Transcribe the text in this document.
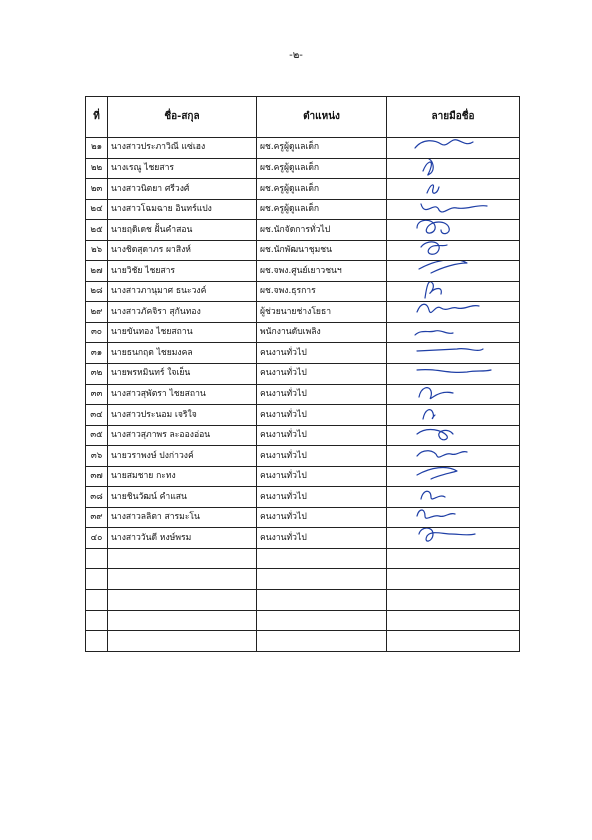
-๒-
ที่	ชื่อ-สกุล	ตำแหน่ง	ลายมือชื่อ
๒๑	นางสาวประภาวิณี แซ่เฮง	ผช.ครูผู้ดูแลเด็ก	

๒๒	นางเรณู ไชยสาร	ผช.ครูผู้ดูแลเด็ก	

๒๓	นางสาวนิตยา ศรีวงศ์	ผช.ครูผู้ดูแลเด็ก	

๒๔	นางสาวโฉมฉาย อินทร์แปง	ผช.ครูผู้ดูแลเด็ก	

๒๕	นายฤดิเดช ฝั้นคำสอน	ผช.นักจัดการทั่วไป	

๒๖	นางชิดสุดาภร ผาสิงห์	ผช.นักพัฒนาชุมชน	

๒๗	นายวิชัย ไชยสาร	ผช.จพง.ศูนย์เยาวชนฯ	

๒๘	นางสาวภานุมาศ ธนะวงค์	ผช.จพง.ธุรการ	

๒๙	นางสาวภัคจิรา สุกันทอง	ผู้ช่วยนายช่างโยธา	

๓๐	นายขันทอง ไชยสถาน	พนักงานดับเพลิง	

๓๑	นายธนกฤต ไชยมงคล	คนงานทั่วไป	

๓๒	นายพรหมินทร์ ใจเย็น	คนงานทั่วไป	

๓๓	นางสาวสุพัตรา ไชยสถาน	คนงานทั่วไป	

๓๔	นางสาวประนอม เจริใจ	คนงานทั่วไป	

๓๕	นางสาวสุภาพร ละอองอ่อน	คนงานทั่วไป	

๓๖	นายวราพงษ์ ปงก่าวงค์	คนงานทั่วไป	

๓๗	นายสมชาย กะทง	คนงานทั่วไป	

๓๘	นายชินวัฒน์ คำแสน	คนงานทั่วไป	

๓๙	นางสาวลลิตา สารมะโน	คนงานทั่วไป	

๔๐	นางสาววันดี หงษ์พรม	คนงานทั่วไป	
